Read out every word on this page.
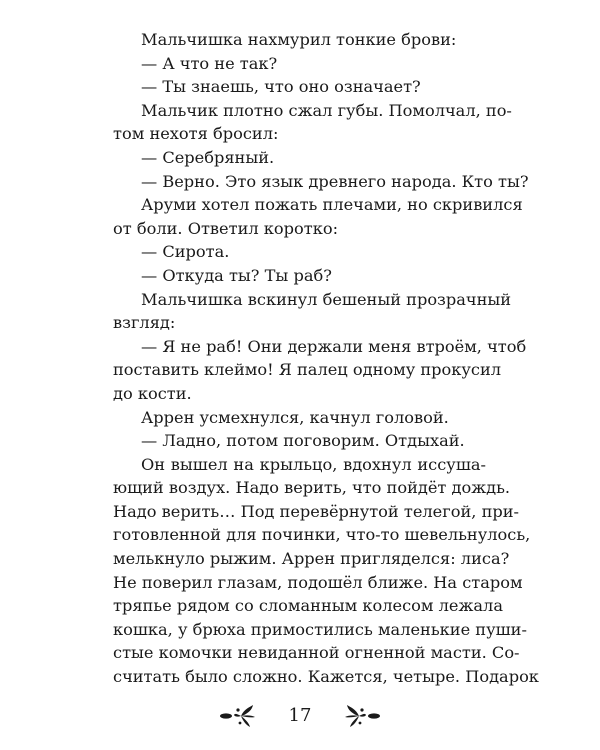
Мальчишка нахмурил тонкие брови:
— А что не так?
— Ты знаешь, что оно означает?
Мальчик плотно сжал губы. Помолчал, по-
том нехотя бросил:
— Серебряный.
— Верно. Это язык древнего народа. Кто ты?
Аруми хотел пожать плечами, но скривился
от боли. Ответил коротко:
— Сирота.
— Откуда ты? Ты раб?
Мальчишка вскинул бешеный прозрачный
взгляд:
— Я не раб! Они держали меня втроём, чтоб
поставить клеймо! Я палец одному прокусил
до кости.
Аррен усмехнулся, качнул головой.
— Ладно, потом поговорим. Отдыхай.
Он вышел на крыльцо, вдохнул иссуша-
ющий воздух. Надо верить, что пойдёт дождь.
Надо верить… Под перевёрнутой телегой, при-
готовленной для починки, что-то шевельнулось,
мелькнуло рыжим. Аррен пригляделся: лиса?
Не поверил глазам, подошёл ближе. На старом
тряпье рядом со сломанным колесом лежала
кошка, у брюха примостились маленькие пуши-
стые комочки невиданной огненной масти. Со-
считать было сложно. Кажется, четыре. Подарок
17
